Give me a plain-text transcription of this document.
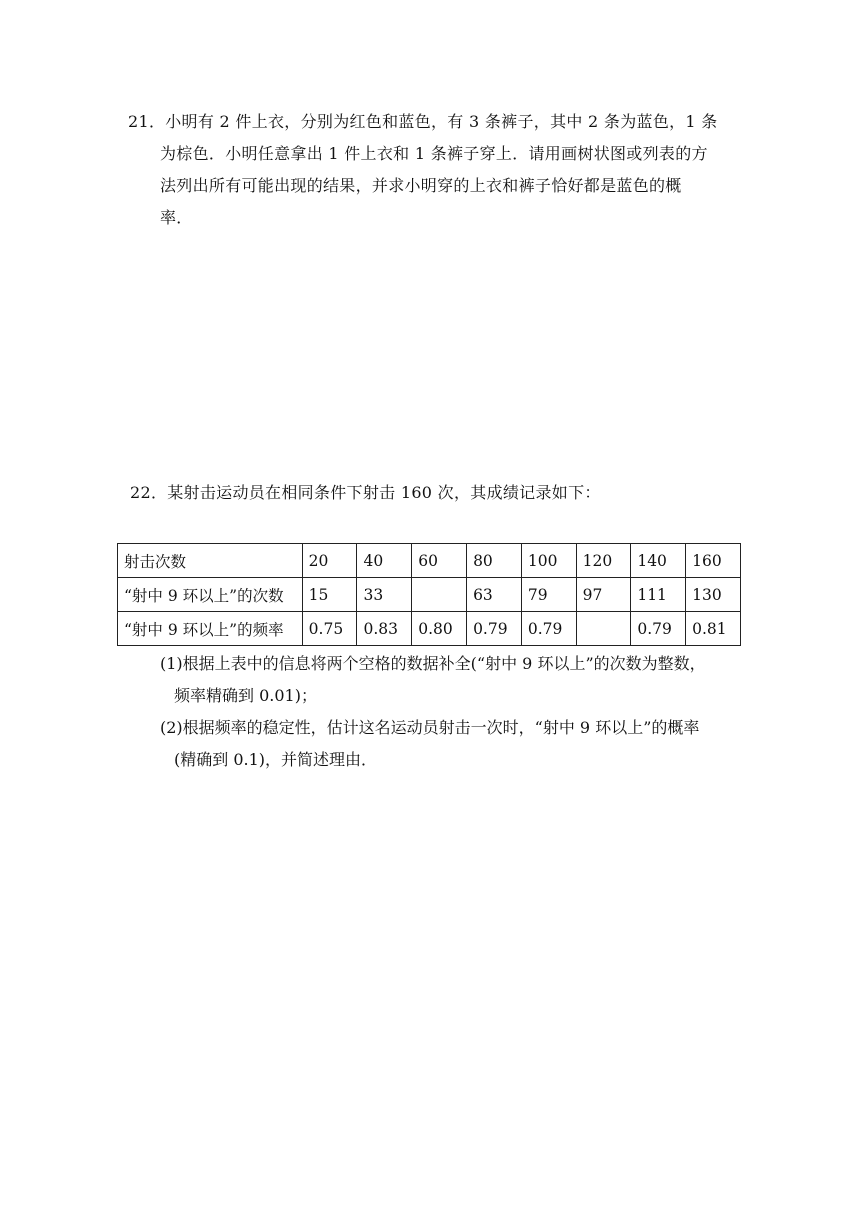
21．小明有 2 件上衣，分别为红色和蓝色，有 3 条裤子，其中 2 条为蓝色，1 条
为棕色．小明任意拿出 1 件上衣和 1 条裤子穿上．请用画树状图或列表的方
法列出所有可能出现的结果，并求小明穿的上衣和裤子恰好都是蓝色的概
率．
22．某射击运动员在相同条件下射击 160 次，其成绩记录如下：
射击次数	20	40	60	80	100	120	140	160
“射中 9 环以上”的次数	15	33		63	79	97	111	130
“射中 9 环以上”的频率	0.75	0.83	0.80	0.79	0.79		0.79	0.81
(1)根据上表中的信息将两个空格的数据补全(“射中 9 环以上”的次数为整数，
频率精确到 0.01)；
(2)根据频率的稳定性，估计这名运动员射击一次时，“射中 9 环以上”的概率
(精确到 0.1)，并简述理由．
